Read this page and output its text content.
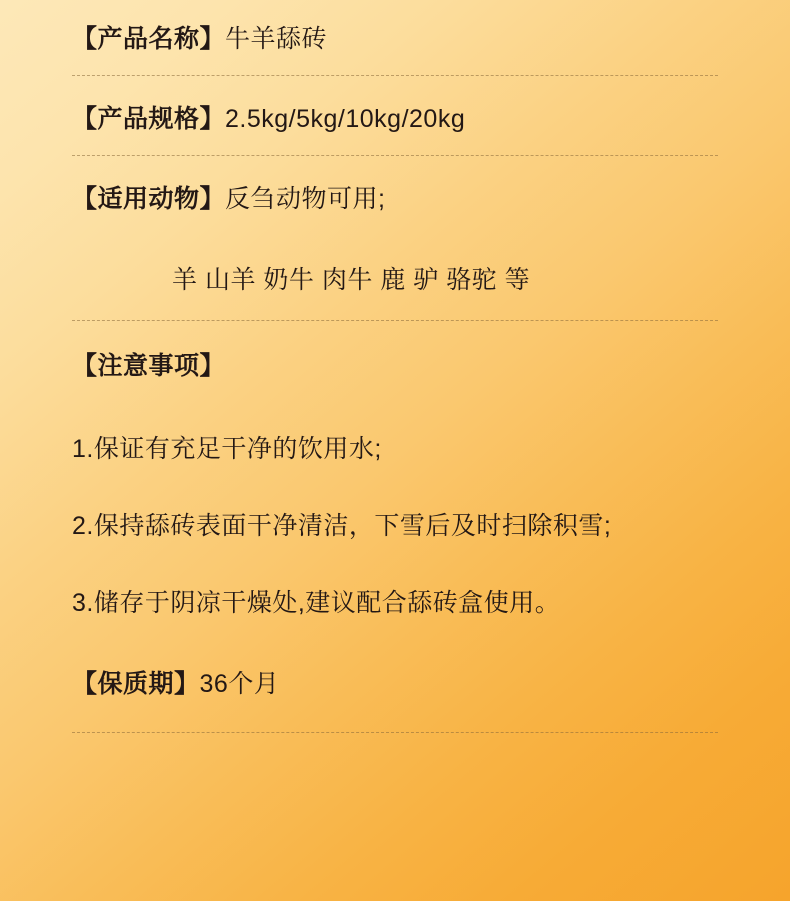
【产品名称】牛羊舔砖
【产品规格】2.5kg/5kg/10kg/20kg
【适用动物】反刍动物可用;
羊 山羊 奶牛 肉牛 鹿 驴 骆驼 等
【注意事项】
1.保证有充足干净的饮用水;
2.保持舔砖表面干净清洁，下雪后及时扫除积雪;
3.储存于阴凉干燥处,建议配合舔砖盒使用。
【保质期】36个月
